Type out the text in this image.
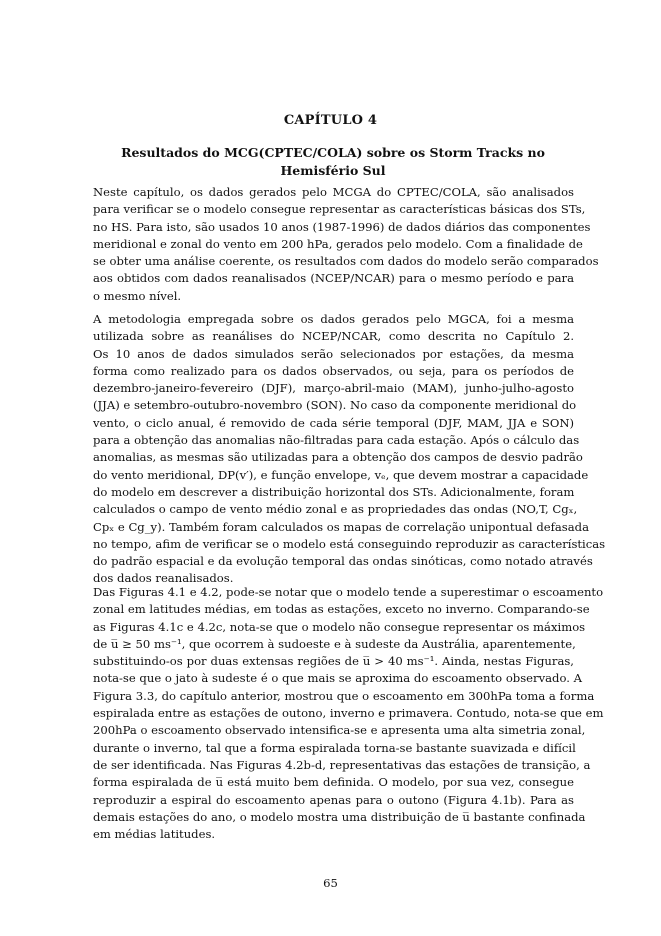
CAPÍTULO 4
Resultados do MCG(CPTEC/COLA) sobre os Storm Tracks no
Hemisfério Sul
Neste capítulo, os dados gerados pelo MCGA do CPTEC/COLA, são analisados
para verificar se o modelo consegue representar as características básicas dos STs,
no HS. Para isto, são usados 10 anos (1987-1996) de dados diários das componentes
meridional e zonal do vento em 200 hPa, gerados pelo modelo. Com a finalidade de
se obter uma análise coerente, os resultados com dados do modelo serão comparados
aos obtidos com dados reanalisados (NCEP/NCAR) para o mesmo período e para
o mesmo nível.
A metodologia empregada sobre os dados gerados pelo MGCA, foi a mesma
utilizada sobre as reanálises do NCEP/NCAR, como descrita no Capítulo 2.
Os 10 anos de dados simulados serão selecionados por estações, da mesma
forma como realizado para os dados observados, ou seja, para os períodos de
dezembro-janeiro-fevereiro (DJF), março-abril-maio (MAM), junho-julho-agosto
(JJA) e setembro-outubro-novembro (SON). No caso da componente meridional do
vento, o ciclo anual, é removido de cada série temporal (DJF, MAM, JJA e SON)
para a obtenção das anomalias não-filtradas para cada estação. Após o cálculo das
anomalias, as mesmas são utilizadas para a obtenção dos campos de desvio padrão
do vento meridional, DP(v′), e função envelope, vₑ, que devem mostrar a capacidade
do modelo em descrever a distribuição horizontal dos STs. Adicionalmente, foram
calculados o campo de vento médio zonal e as propriedades das ondas (NO,T, Cgₓ,
Cpₓ e Cg_y). Também foram calculados os mapas de correlação unipontual defasada
no tempo, afim de verificar se o modelo está conseguindo reproduzir as características
do padrão espacial e da evolução temporal das ondas sinóticas, como notado através
dos dados reanalisados.
Das Figuras 4.1 e 4.2, pode-se notar que o modelo tende a superestimar o escoamento
zonal em latitudes médias, em todas as estações, exceto no inverno. Comparando-se
as Figuras 4.1c e 4.2c, nota-se que o modelo não consegue representar os máximos
de u̅ ≥ 50 ms⁻¹, que ocorrem à sudoeste e à sudeste da Austrália, aparentemente,
substituindo-os por duas extensas regiões de u̅ > 40 ms⁻¹. Ainda, nestas Figuras,
nota-se que o jato à sudeste é o que mais se aproxima do escoamento observado. A
Figura 3.3, do capítulo anterior, mostrou que o escoamento em 300hPa toma a forma
espiralada entre as estações de outono, inverno e primavera. Contudo, nota-se que em
200hPa o escoamento observado intensifica-se e apresenta uma alta simetria zonal,
durante o inverno, tal que a forma espiralada torna-se bastante suavizada e difícil
de ser identificada. Nas Figuras 4.2b-d, representativas das estações de transição, a
forma espiralada de u̅ está muito bem definida. O modelo, por sua vez, consegue
reproduzir a espiral do escoamento apenas para o outono (Figura 4.1b). Para as
demais estações do ano, o modelo mostra uma distribuição de u̅ bastante confinada
em médias latitudes.
65
